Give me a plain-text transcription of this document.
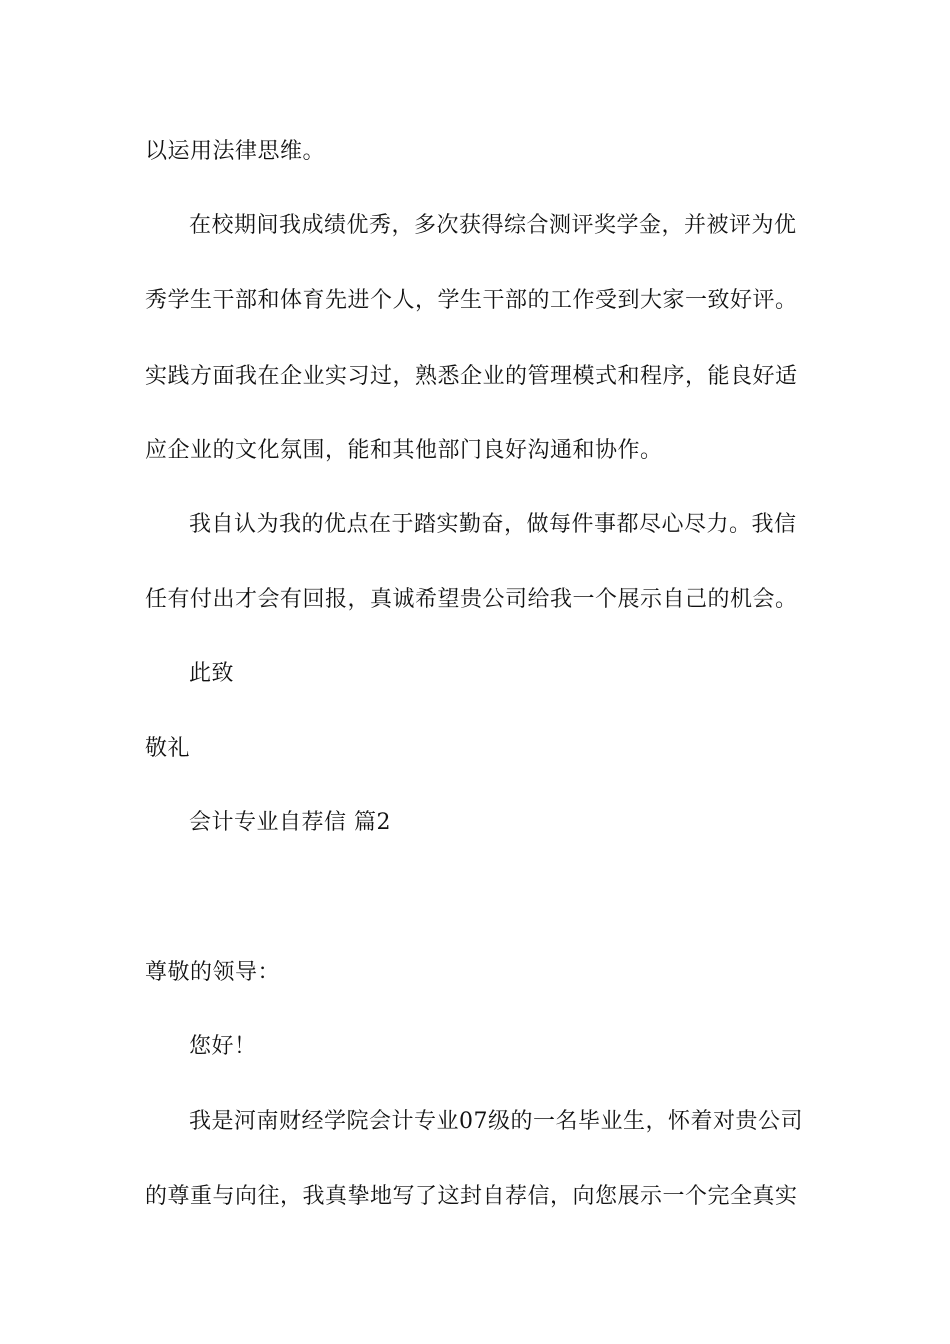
以运用法律思维。
在校期间我成绩优秀，多次获得综合测评奖学金，并被评为优
秀学生干部和体育先进个人，学生干部的工作受到大家一致好评。
实践方面我在企业实习过，熟悉企业的管理模式和程序，能良好适
应企业的文化氛围，能和其他部门良好沟通和协作。
我自认为我的优点在于踏实勤奋，做每件事都尽心尽力。我信
任有付出才会有回报，真诚希望贵公司给我一个展示自己的机会。
此致
敬礼
会计专业自荐信 篇2
尊敬的领导：
您好！
我是河南财经学院会计专业07级的一名毕业生，怀着对贵公司
的尊重与向往，我真挚地写了这封自荐信，向您展示一个完全真实
